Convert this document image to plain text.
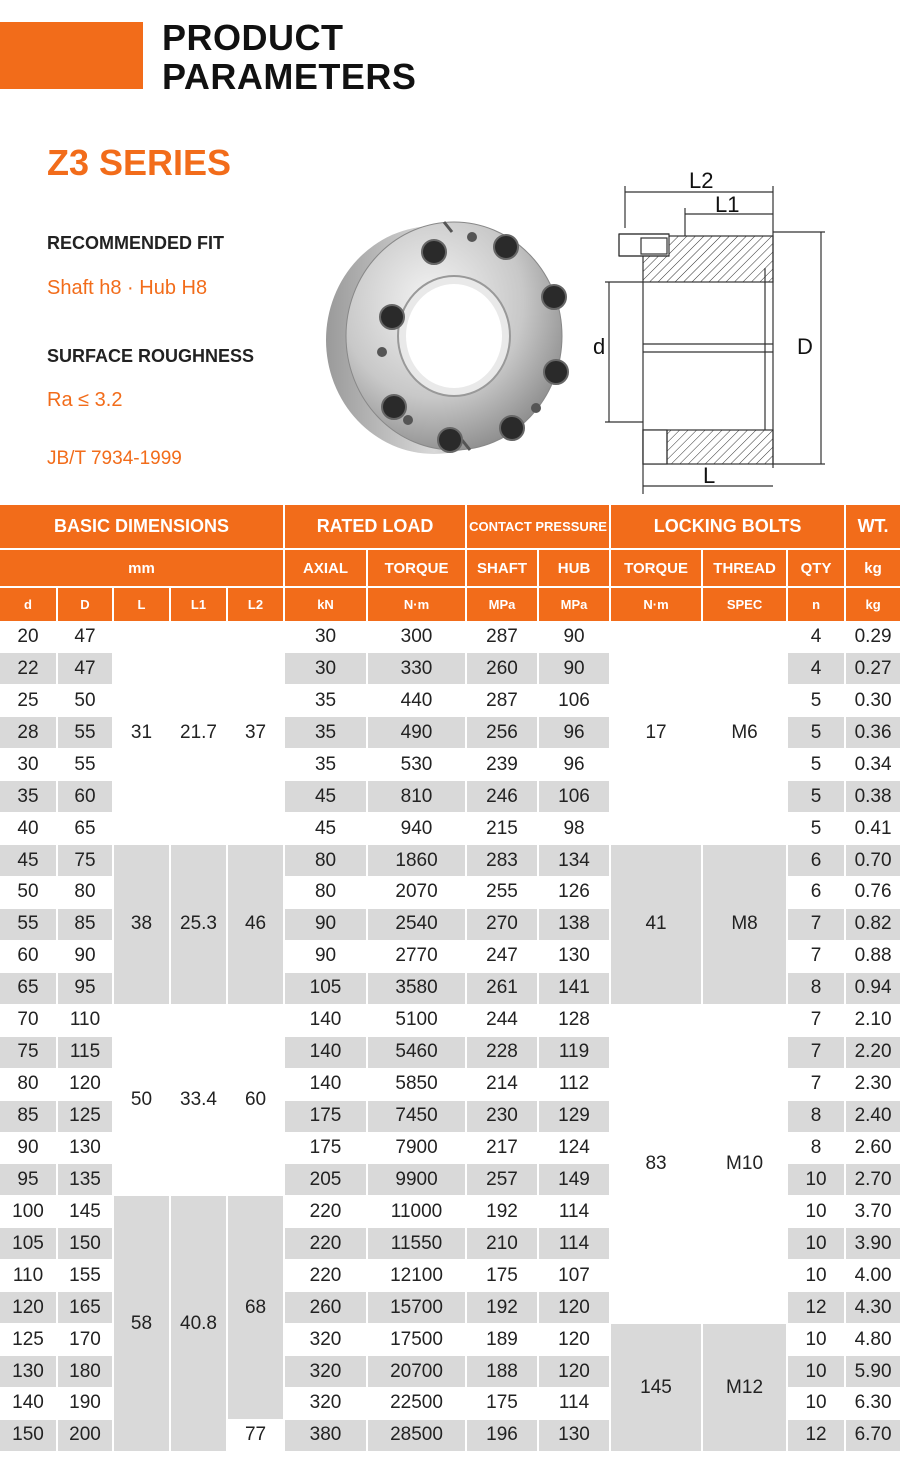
PRODUCT
PARAMETERS
Z3 SERIES
RECOMMENDED FIT
Shaft h8 · Hub H8
SURFACE ROUGHNESS
Ra ≤ 3.2
JB/T 7934-1999
L2
L1
d	D
L
BASIC DIMENSIONS					RATED LOAD		CONTACT PRESSURE		LOCKING BOLTS			WT.
mm					AXIAL	TORQUE	SHAFT	HUB	TORQUE	THREAD	QTY	kg
d	D	L	L1	L2	kN	N·m	MPa	MPa	N·m	SPEC	n	kg
20	47	31	21.7	37	30	300	287	90	17	M6	4	0.29
22	47				30	330	260	90			4	0.27
25	50				35	440	287	106			5	0.30
28	55				35	490	256	96			5	0.36
30	55				35	530	239	96			5	0.34
35	60				45	810	246	106			5	0.38
40	65				45	940	215	98			5	0.41
45	75	38	25.3	46	80	1860	283	134	41	M8	6	0.70
50	80				80	2070	255	126			6	0.76
55	85				90	2540	270	138			7	0.82
60	90				90	2770	247	130			7	0.88
65	95				105	3580	261	141			8	0.94
70	110	50	33.4	60	140	5100	244	128	83	M10	7	2.10
75	115				140	5460	228	119			7	2.20
80	120				140	5850	214	112			7	2.30
85	125				175	7450	230	129			8	2.40
90	130				175	7900	217	124			8	2.60
95	135				205	9900	257	149			10	2.70
100	145	58	40.8	68	220	11000	192	114			10	3.70
105	150				220	11550	210	114			10	3.90
110	155				220	12100	175	107			10	4.00
120	165				260	15700	192	120			12	4.30
125	170				320	17500	189	120	145	M12	10	4.80
130	180				320	20700	188	120			10	5.90
140	190				320	22500	175	114			10	6.30
150	200			77	380	28500	196	130			12	6.70
